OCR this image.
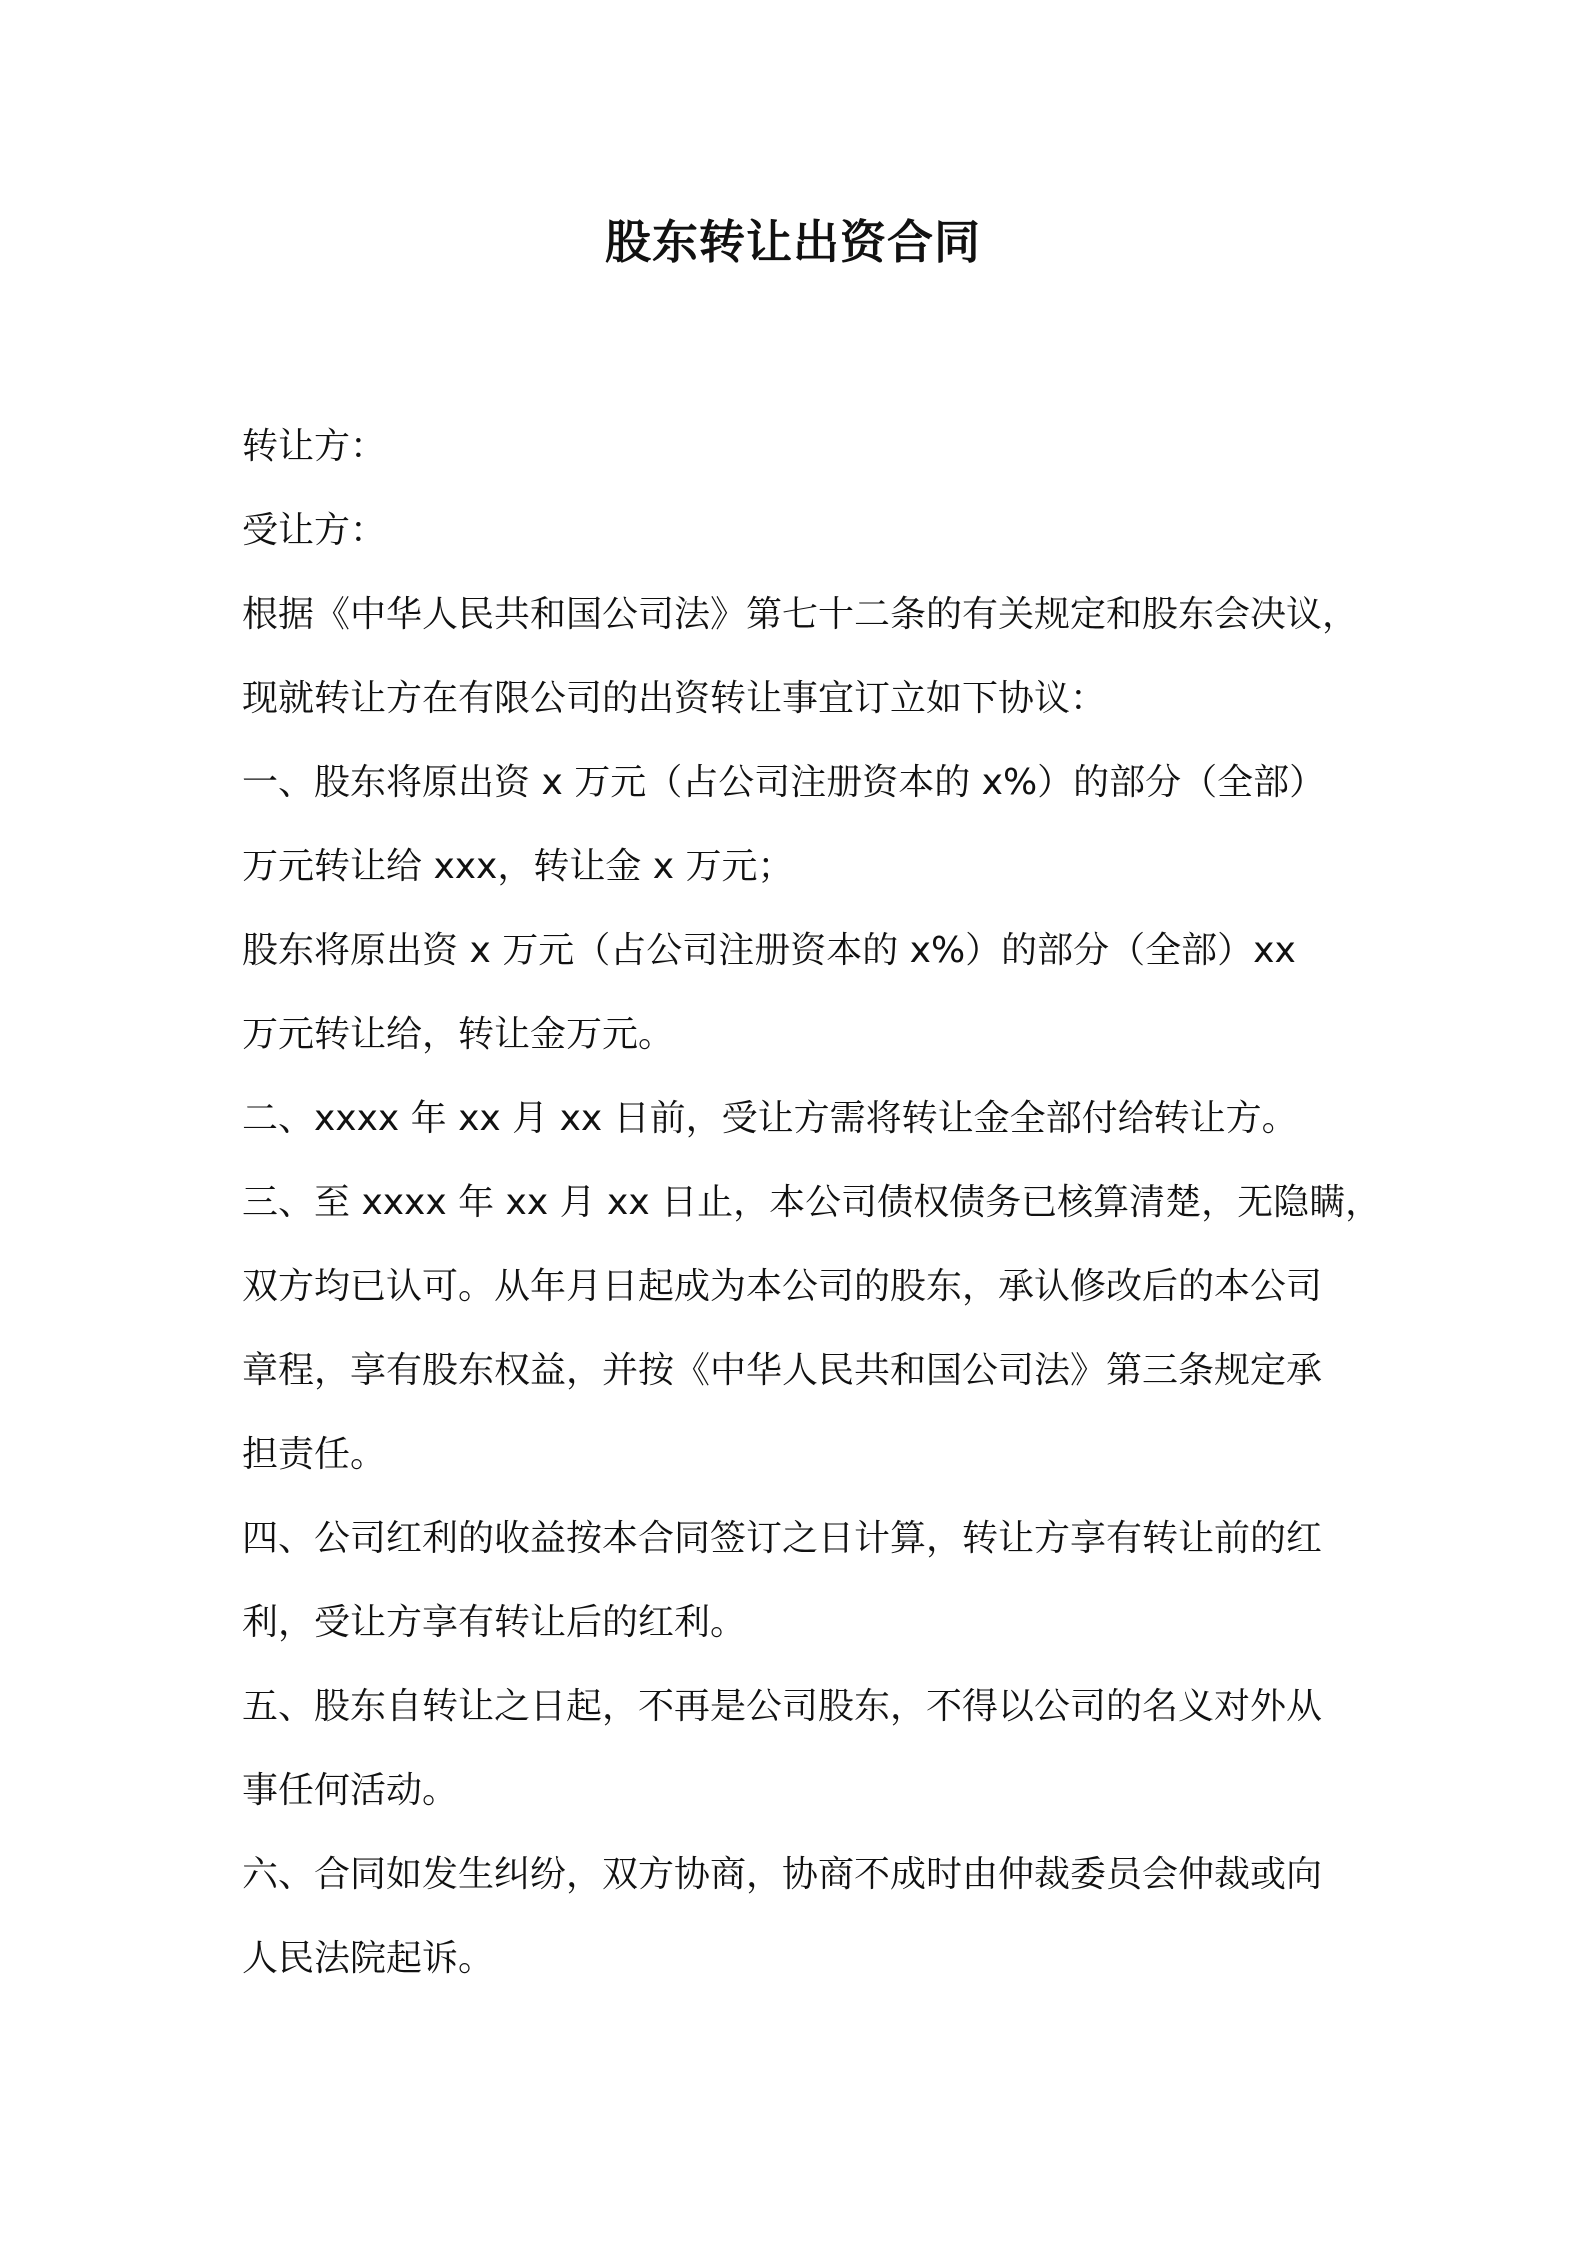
股东转让出资合同
转让方：
受让方：
根据《中华人民共和国公司法》第七十二条的有关规定和股东会决议，
现就转让方在有限公司的出资转让事宜订立如下协议：
一、股东将原出资 x 万元（占公司注册资本的 x%）的部分（全部）
万元转让给 xxx，转让金 x 万元；
股东将原出资 x 万元（占公司注册资本的 x%）的部分（全部）xx
万元转让给，转让金万元。
二、xxxx 年 xx 月 xx 日前，受让方需将转让金全部付给转让方。
三、至 xxxx 年 xx 月 xx 日止，本公司债权债务已核算清楚，无隐瞒，
双方均已认可。从年月日起成为本公司的股东，承认修改后的本公司
章程，享有股东权益，并按《中华人民共和国公司法》第三条规定承
担责任。
四、公司红利的收益按本合同签订之日计算，转让方享有转让前的红
利，受让方享有转让后的红利。
五、股东自转让之日起，不再是公司股东，不得以公司的名义对外从
事任何活动。
六、合同如发生纠纷，双方协商，协商不成时由仲裁委员会仲裁或向
人民法院起诉。
